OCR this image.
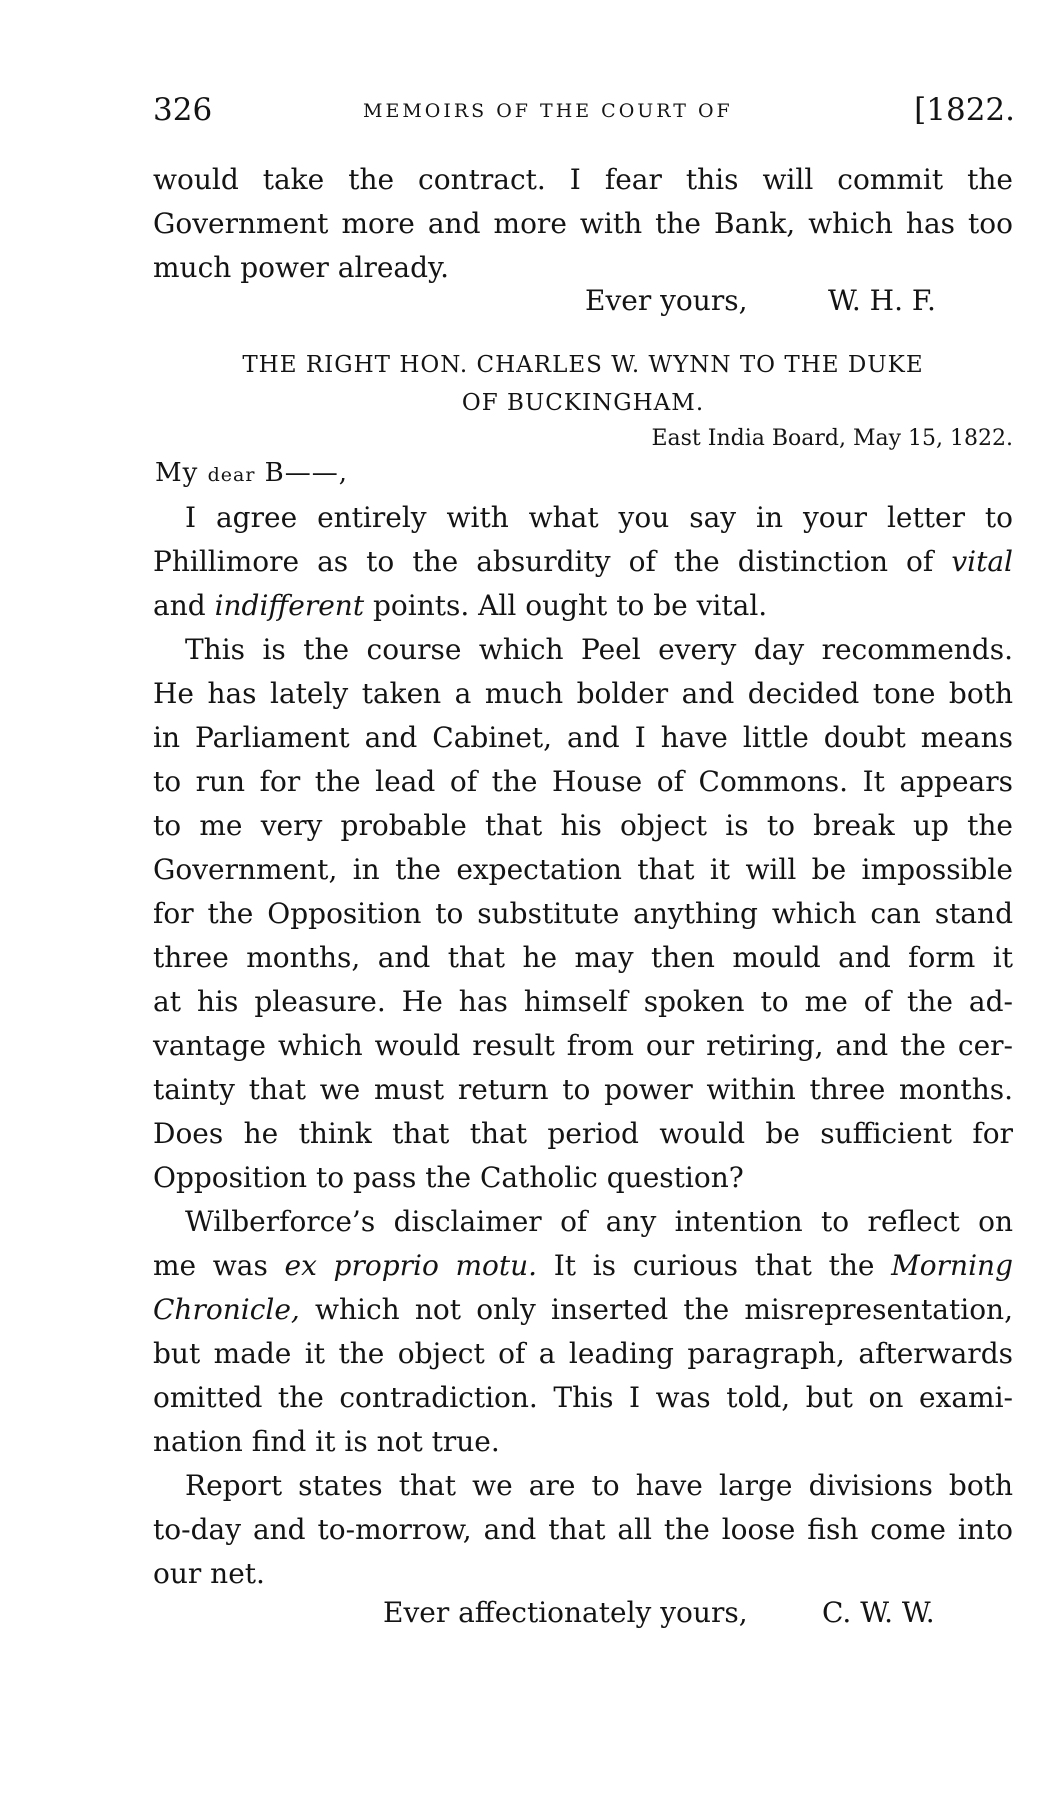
326	MEMOIRS OF THE COURT OF	[1822.
would take the contract. I fear this will commit the
Government more and more with the Bank, which has too
much power already.
Ever yours,	W. H. F.
THE RIGHT HON. CHARLES W. WYNN TO THE DUKE
OF BUCKINGHAM.
East India Board, May 15, 1822.
My dear B——,
I agree entirely with what you say in your letter to
Phillimore as to the absurdity of the distinction of vital
and indifferent points. All ought to be vital.
This is the course which Peel every day recommends.
He has lately taken a much bolder and decided tone both
in Parliament and Cabinet, and I have little doubt means
to run for the lead of the House of Commons. It appears
to me very probable that his object is to break up the
Government, in the expectation that it will be impossible
for the Opposition to substitute anything which can stand
three months, and that he may then mould and form it
at his pleasure. He has himself spoken to me of the ad-
vantage which would result from our retiring, and the cer-
tainty that we must return to power within three months.
Does he think that that period would be sufficient for
Opposition to pass the Catholic question?
Wilberforce’s disclaimer of any intention to reflect on
me was ex proprio motu. It is curious that the Morning
Chronicle, which not only inserted the misrepresentation,
but made it the object of a leading paragraph, afterwards
omitted the contradiction. This I was told, but on exami-
nation find it is not true.
Report states that we are to have large divisions both
to-day and to-morrow, and that all the loose fish come into
our net.
Ever affectionately yours,	C. W. W.
